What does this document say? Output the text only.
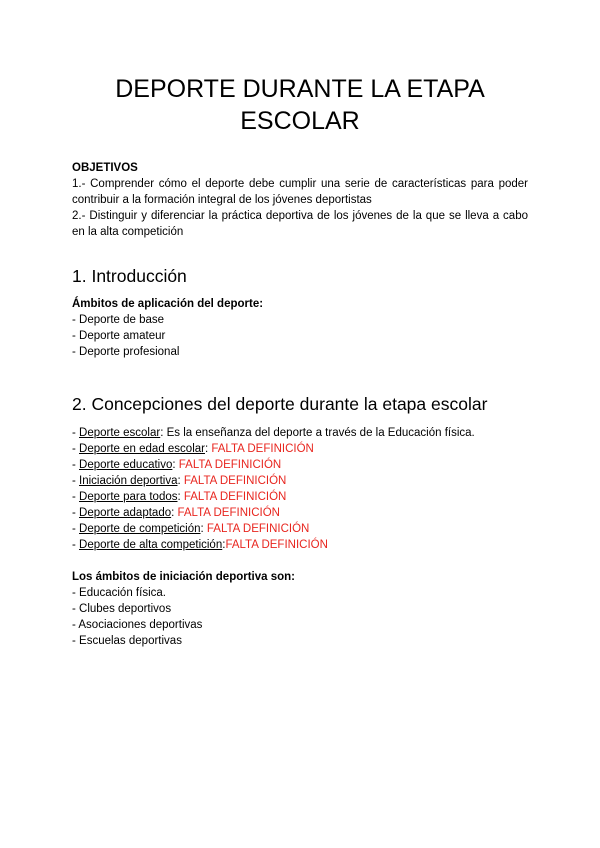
DEPORTE DURANTE LA ETAPA ESCOLAR
OBJETIVOS

1.- Comprender cómo el deporte debe cumplir una serie de características para poder contribuir a la formación integral de los jóvenes deportistas

2.- Distinguir y diferenciar la práctica deportiva de los jóvenes de la que se lleva a cabo en la alta competición

1. Introducción
Ámbitos de aplicación del deporte:
- Deporte de base
- Deporte amateur
- Deporte profesional
2. Concepciones del deporte durante la etapa escolar
- Deporte escolar: Es la enseñanza del deporte a través de la Educación física.
- Deporte en edad escolar: FALTA DEFINICIÓN
- Deporte educativo: FALTA DEFINICIÓN
- Iniciación deportiva: FALTA DEFINICIÓN
- Deporte para todos: FALTA DEFINICIÓN
- Deporte adaptado: FALTA DEFINICIÓN
- Deporte de competición: FALTA DEFINICIÓN
- Deporte de alta competición:FALTA DEFINICIÓN
Los ámbitos de iniciación deportiva son:
- Educación física.
- Clubes deportivos
- Asociaciones deportivas
- Escuelas deportivas
